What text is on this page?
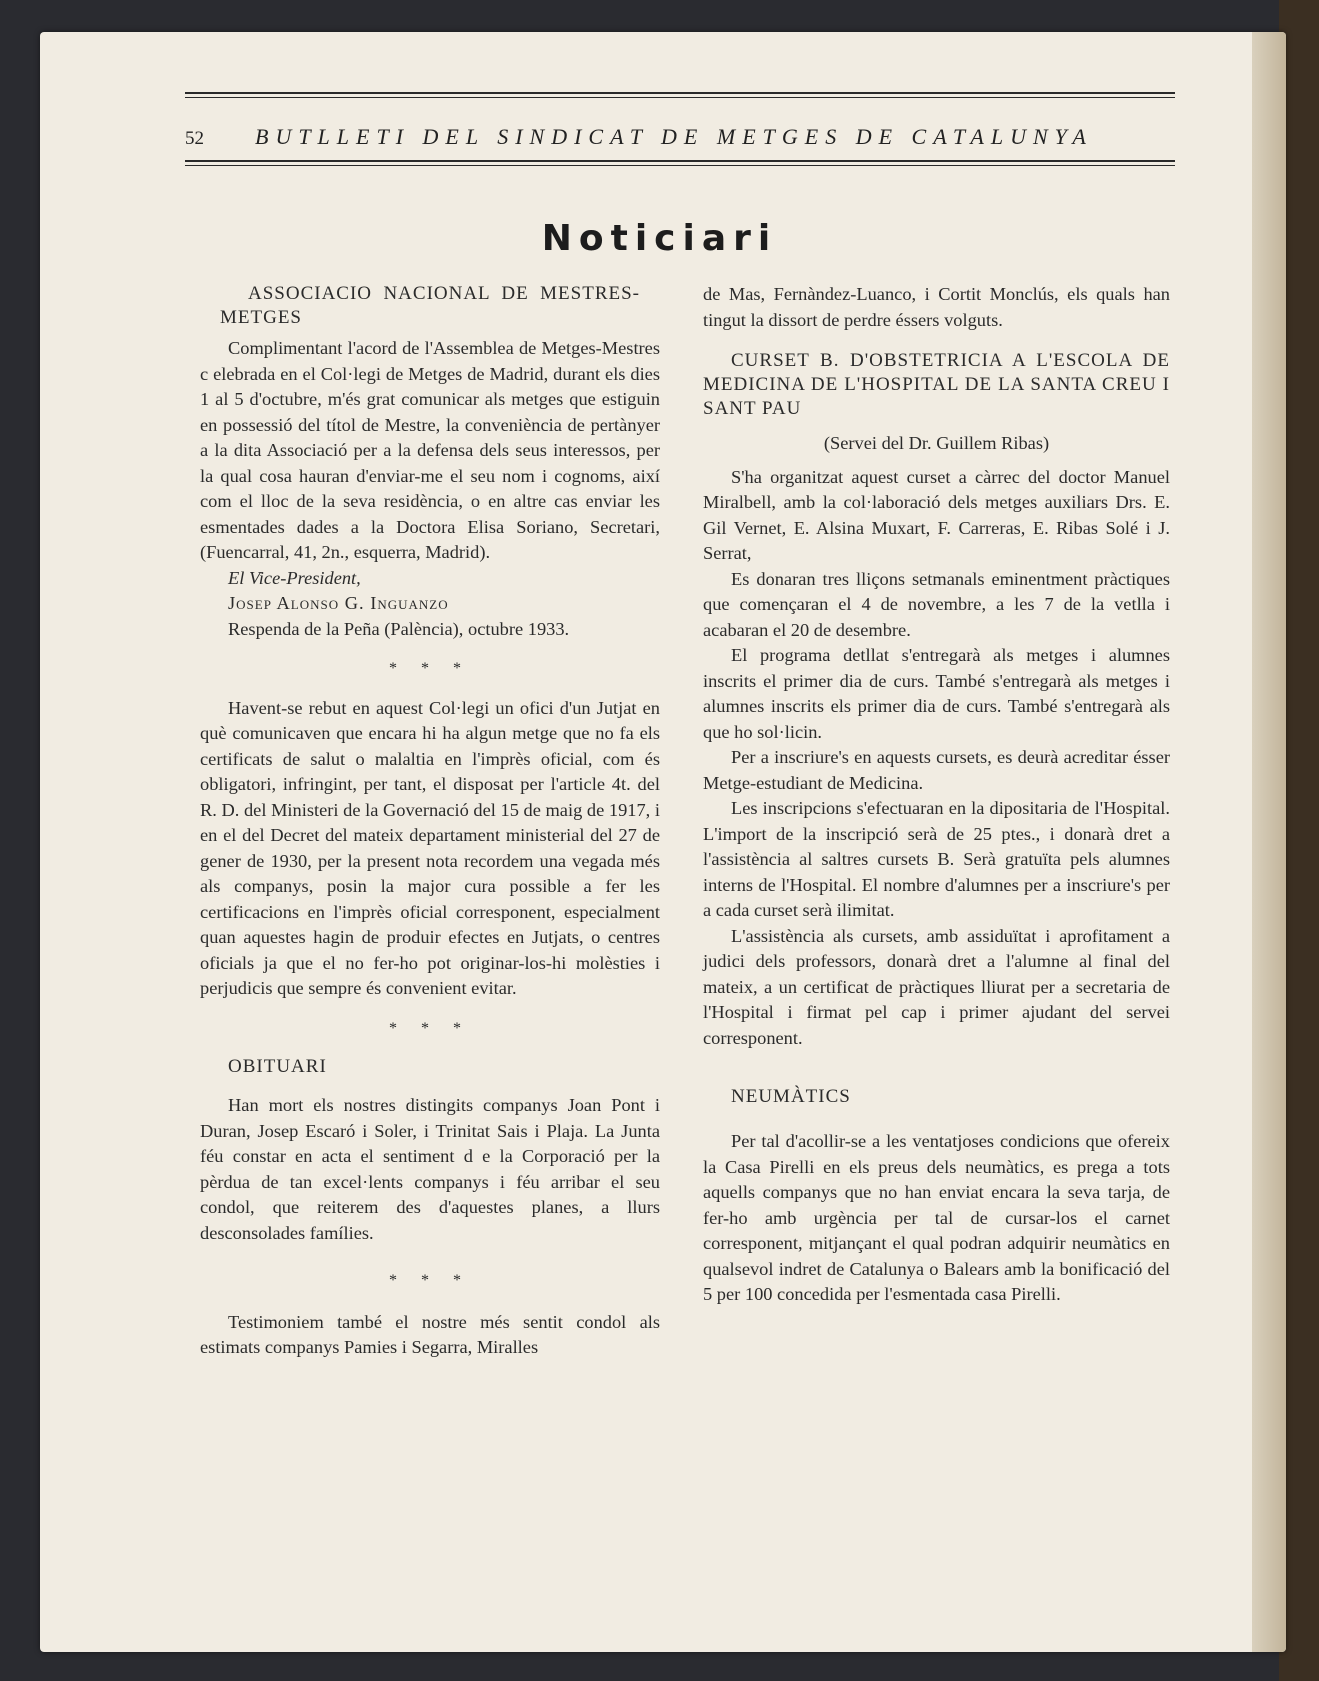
52 BUTLLETI DEL SINDICAT DE METGES DE CATALUNYA
Noticiari

ASSOCIACIO NACIONAL DE MESTRES-METGES

Complimentant l'acord de l'Assemblea de Metges-Mestres c elebrada en el Col·legi de Metges de Madrid, durant els dies 1 al 5 d'octubre, m'és grat comunicar als metges que estiguin en possessió del títol de Mestre, la conveniència de pertànyer a la dita Associació per a la defensa dels seus interessos, per la qual cosa hauran d'enviar-me el seu nom i cognoms, així com el lloc de la seva residència, o en altre cas enviar les esmentades dades a la Doctora Elisa Soriano, Secretari, (Fuencarral, 41, 2n., esquerra, Madrid).

El Vice-President,

Josep Alonso G. Inguanzo

Respenda de la Peña (Palència), octubre 1933.

* * *

Havent-se rebut en aquest Col·legi un ofici d'un Jutjat en què comunicaven que encara hi ha algun metge que no fa els certificats de salut o malaltia en l'imprès oficial, com és obligatori, infringint, per tant, el disposat per l'article 4t. del R. D. del Ministeri de la Governació del 15 de maig de 1917, i en el del Decret del mateix departament ministerial del 27 de gener de 1930, per la present nota recordem una vegada més als companys, posin la major cura possible a fer les certificacions en l'imprès oficial corresponent, especialment quan aquestes hagin de produir efectes en Jutjats, o centres oficials ja que el no fer-ho pot originar-los-hi molèsties i perjudicis que sempre és convenient evitar.

* * *

OBITUARI

Han mort els nostres distingits companys Joan Pont i Duran, Josep Escaró i Soler, i Trinitat Sais i Plaja. La Junta féu constar en acta el sentiment d e la Corporació per la pèrdua de tan excel·lents companys i féu arribar el seu condol, que reiterem des d'aquestes planes, a llurs desconsolades famílies.

* * *

Testimoniem també el nostre més sentit condol als estimats companys Pamies i Segarra, Miralles

de Mas, Fernàndez-Luanco, i Cortit Monclús, els quals han tingut la dissort de perdre éssers volguts.

CURSET B. D'OBSTETRICIA A L'ESCOLA DE MEDICINA DE L'HOSPITAL DE LA SANTA CREU I SANT PAU

(Servei del Dr. Guillem Ribas)

S'ha organitzat aquest curset a càrrec del doctor Manuel Miralbell, amb la col·laboració dels metges auxiliars Drs. E. Gil Vernet, E. Alsina Muxart, F. Carreras, E. Ribas Solé i J. Serrat,

Es donaran tres lliçons setmanals eminentment pràctiques que començaran el 4 de novembre, a les 7 de la vetlla i acabaran el 20 de desembre.

El programa detllat s'entregarà als metges i alumnes inscrits el primer dia de curs. També s'entregarà als metges i alumnes inscrits els primer dia de curs. També s'entregarà als que ho sol·licin.

Per a inscriure's en aquests cursets, es deurà acreditar ésser Metge-estudiant de Medicina.

Les inscripcions s'efectuaran en la dipositaria de l'Hospital. L'import de la inscripció serà de 25 ptes., i donarà dret a l'assistència al saltres cursets B. Serà gratuïta pels alumnes interns de l'Hospital. El nombre d'alumnes per a inscriure's per a cada curset serà ilimitat.

L'assistència als cursets, amb assiduïtat i aprofitament a judici dels professors, donarà dret a l'alumne al final del mateix, a un certificat de pràctiques lliurat per a secretaria de l'Hospital i firmat pel cap i primer ajudant del servei corresponent.

NEUMÀTICS

Per tal d'acollir-se a les ventatjoses condicions que ofereix la Casa Pirelli en els preus dels neumàtics, es prega a tots aquells companys que no han enviat encara la seva tarja, de fer-ho amb urgència per tal de cursar-los el carnet corresponent, mitjançant el qual podran adquirir neumàtics en qualsevol indret de Catalunya o Balears amb la bonificació del 5 per 100 concedida per l'esmentada casa Pirelli.
